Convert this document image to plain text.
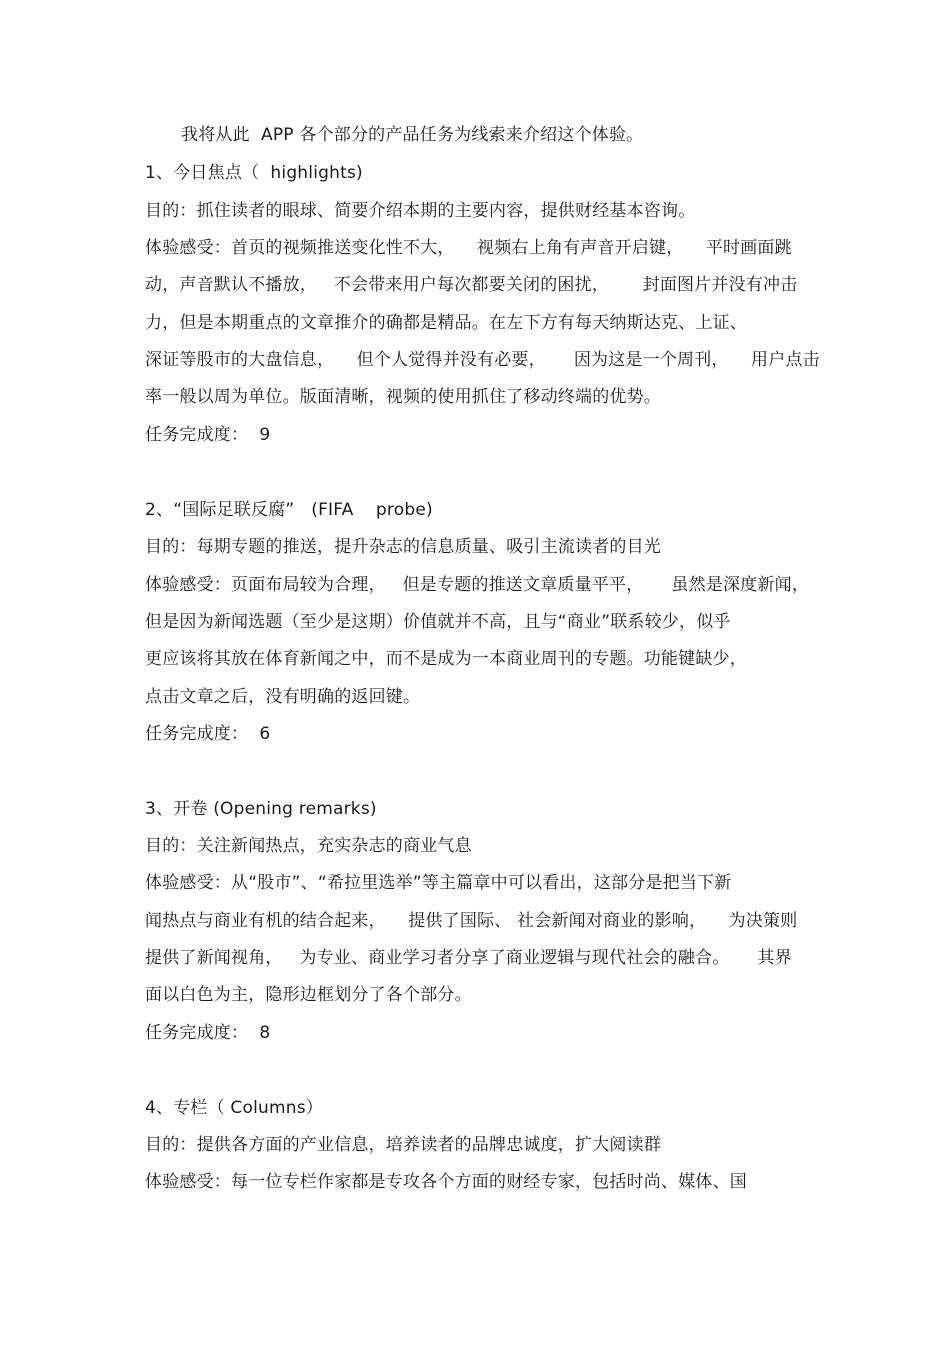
我将从此  APP 各个部分的产品任务为线索来介绍这个体验。
1、今日焦点（  highlights)
目的：抓住读者的眼球、简要介绍本期的主要内容，提供财经基本咨询。
体验感受：首页的视频推送变化性不大，    视频右上角有声音开启键，    平时画面跳
动，声音默认不播放，   不会带来用户每次都要关闭的困扰，      封面图片并没有冲击
力，但是本期重点的文章推介的确都是精品。在左下方有每天纳斯达克、上证、
深证等股市的大盘信息，    但个人觉得并没有必要，     因为这是一个周刊，    用户点击
率一般以周为单位。版面清晰，视频的使用抓住了移动终端的优势。
任务完成度：  9
2、“国际足联反腐”   (FIFA    probe)
目的：每期专题的推送，提升杂志的信息质量、吸引主流读者的目光
体验感受：页面布局较为合理，   但是专题的推送文章质量平平，     虽然是深度新闻，
但是因为新闻选题（至少是这期）价值就并不高，且与“商业”联系较少，似乎
更应该将其放在体育新闻之中，而不是成为一本商业周刊的专题。功能键缺少，
点击文章之后，没有明确的返回键。
任务完成度：  6
3、开卷 (Opening remarks)
目的：关注新闻热点，充实杂志的商业气息
体验感受：从“股市”、“希拉里选举”等主篇章中可以看出，这部分是把当下新
闻热点与商业有机的结合起来，    提供了国际、 社会新闻对商业的影响，    为决策则
提供了新闻视角，   为专业、商业学习者分享了商业逻辑与现代社会的融合。     其界
面以白色为主，隐形边框划分了各个部分。
任务完成度：  8
4、专栏（ Columns）
目的：提供各方面的产业信息，培养读者的品牌忠诚度，扩大阅读群
体验感受：每一位专栏作家都是专攻各个方面的财经专家，包括时尚、媒体、国
